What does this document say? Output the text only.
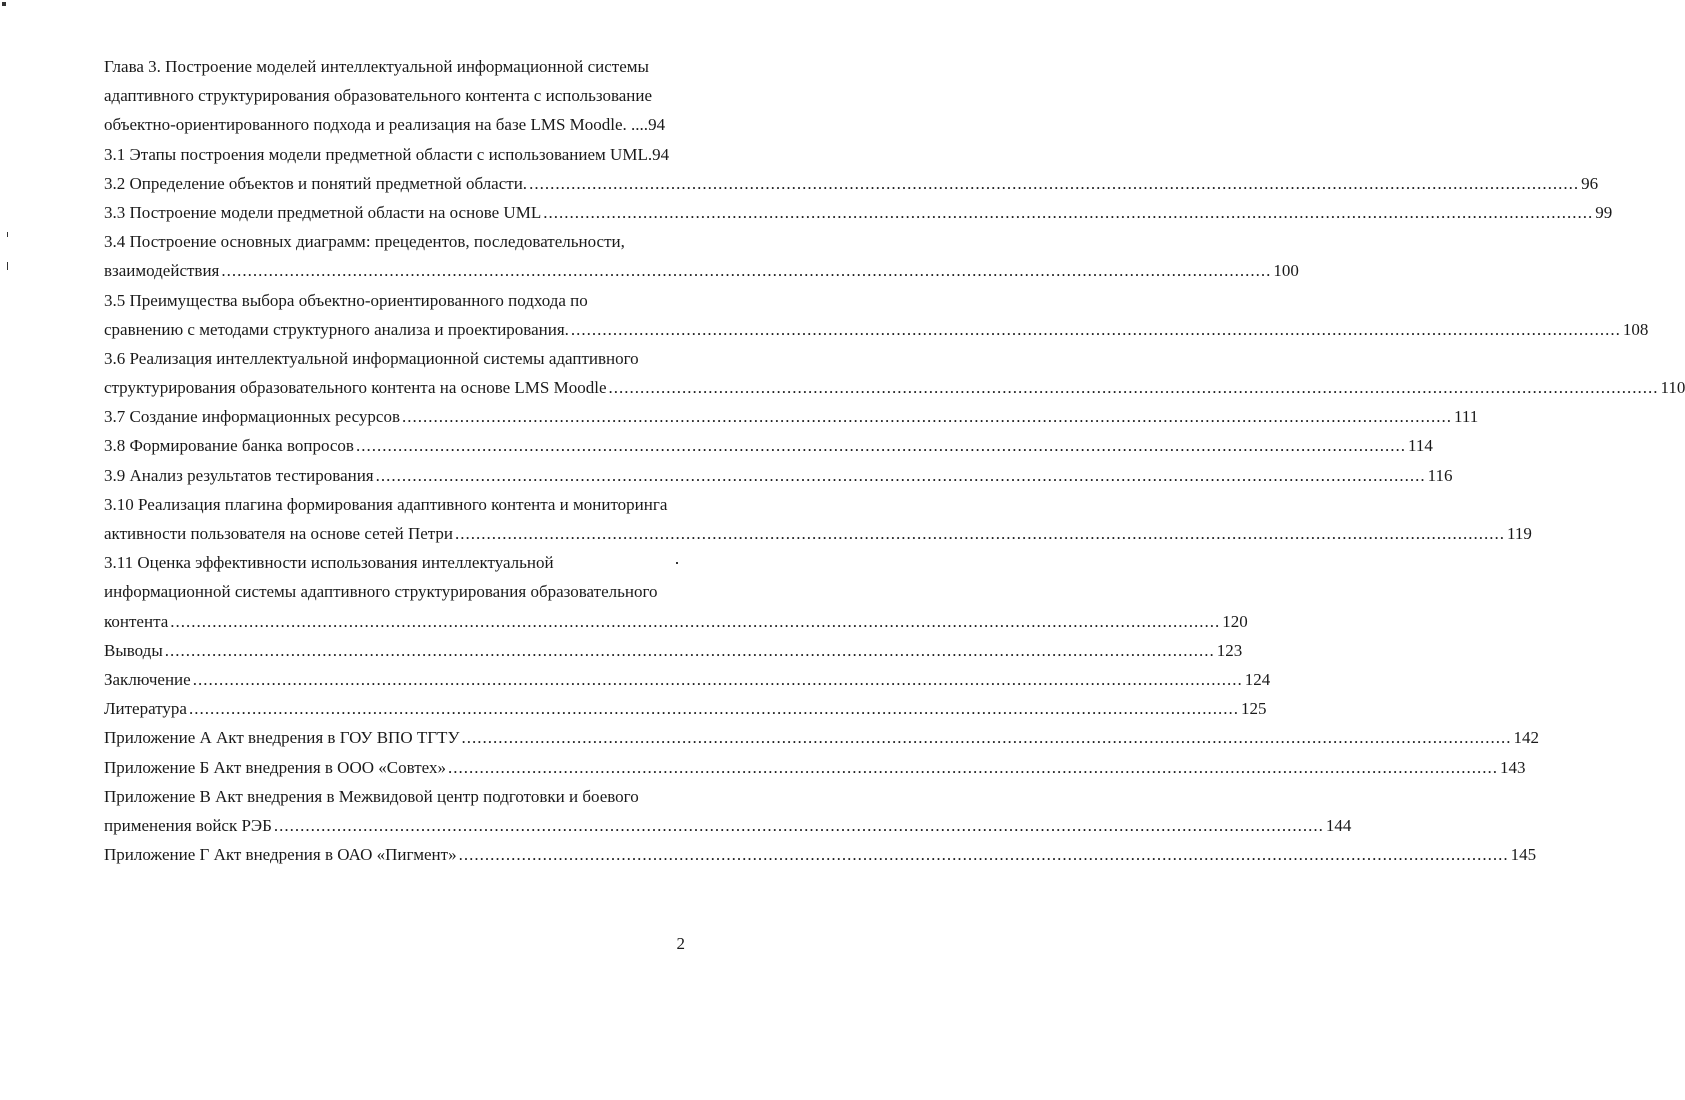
Глава 3. Построение моделей интеллектуальной информационной системы
адаптивного структурирования образовательного контента с использование
объектно-ориентированного подхода и реализация на базе LMS Moodle. .... 94
3.1 Этапы построения модели предметной области с использованием UML. 94
3.2 Определение объектов и понятий предметной области. .....	96
3.3 Построение модели предметной области на основе UML .....	99
3.4 Построение основных диаграмм: прецедентов, последовательности,
взаимодействия .....	100
3.5 Преимущества выбора объектно-ориентированного подхода по
сравнению с методами структурного анализа и проектирования. .....	108
3.6 Реализация интеллектуальной информационной системы адаптивного
структурирования образовательного контента на основе LMS Moodle .....	110
3.7 Создание информационных ресурсов .....	111
3.8 Формирование банка вопросов .....	114
3.9 Анализ результатов тестирования .....	116
3.10 Реализация плагина формирования адаптивного контента и мониторинга
активности пользователя на основе сетей Петри .....	119
3.11 Оценка эффективности использования интеллектуальной
информационной системы адаптивного структурирования образовательного
контента .....	120
Выводы .....	123
Заключение .....	124
Литература .....	125
Приложение А Акт внедрения в ГОУ ВПО ТГТУ .....	142
Приложение Б Акт внедрения в ООО «Совтех» .....	143
Приложение В Акт внедрения в Межвидовой центр подготовки и боевого
применения войск РЭБ .....	144
Приложение Г Акт внедрения в ОАО «Пигмент» .....	145
2
